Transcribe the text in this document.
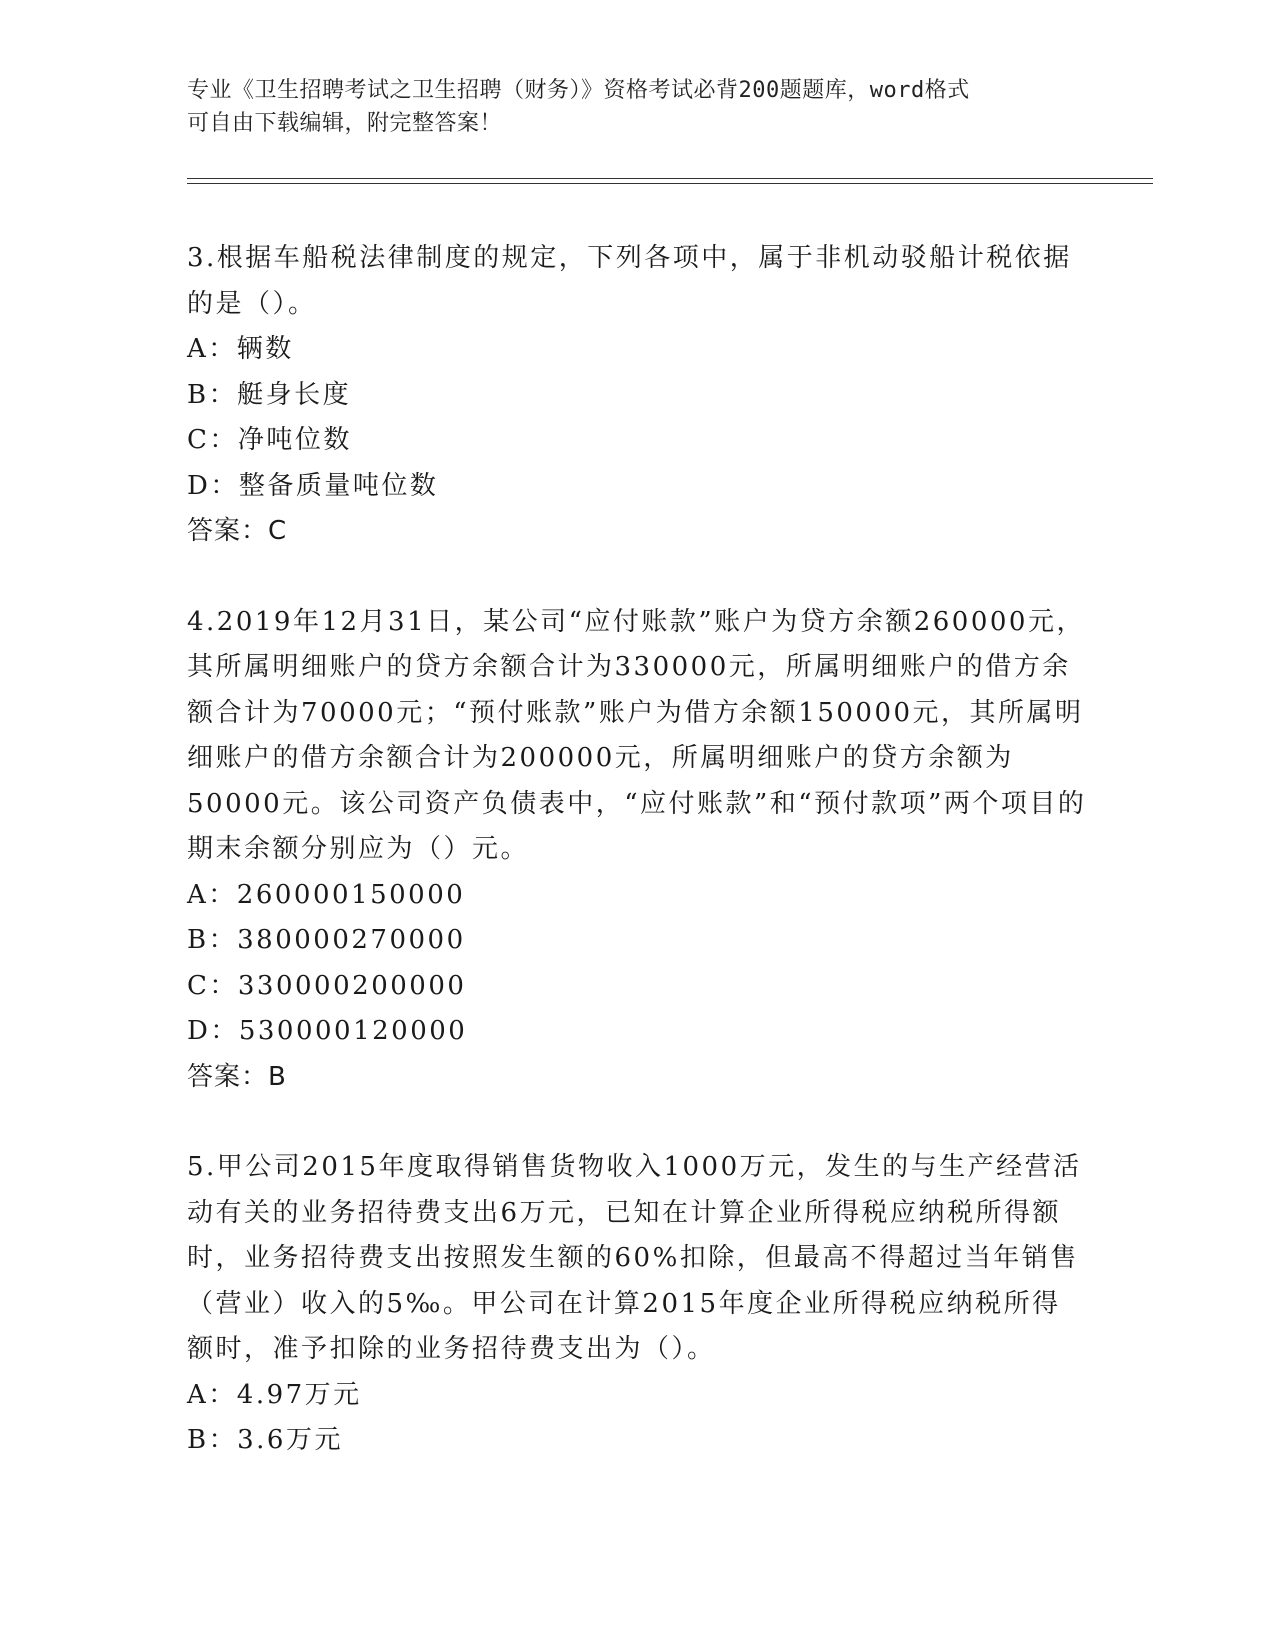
专业《卫生招聘考试之卫生招聘（财务）》资格考试必背200题题库，word格式
可自由下载编辑，附完整答案！

3.根据车船税法律制度的规定，下列各项中，属于非机动驳船计税依据的是（）。

A：辆数

B：艇身长度

C：净吨位数

D：整备质量吨位数

答案：C

4.2019年12月31日，某公司“应付账款”账户为贷方余额260000元，其所属明细账户的贷方余额合计为330000元，所属明细账户的借方余额合计为70000元；“预付账款”账户为借方余额150000元，其所属明细账户的借方余额合计为200000元，所属明细账户的贷方余额为50000元。该公司资产负债表中，“应付账款”和“预付款项”两个项目的期末余额分别应为（）元。

A：260000150000

B：380000270000

C：330000200000

D：530000120000

答案：B

5.甲公司2015年度取得销售货物收入1000万元，发生的与生产经营活动有关的业务招待费支出6万元，已知在计算企业所得税应纳税所得额时，业务招待费支出按照发生额的60%扣除，但最高不得超过当年销售（营业）收入的5‰。甲公司在计算2015年度企业所得税应纳税所得额时，准予扣除的业务招待费支出为（）。

A：4.97万元

B：3.6万元
